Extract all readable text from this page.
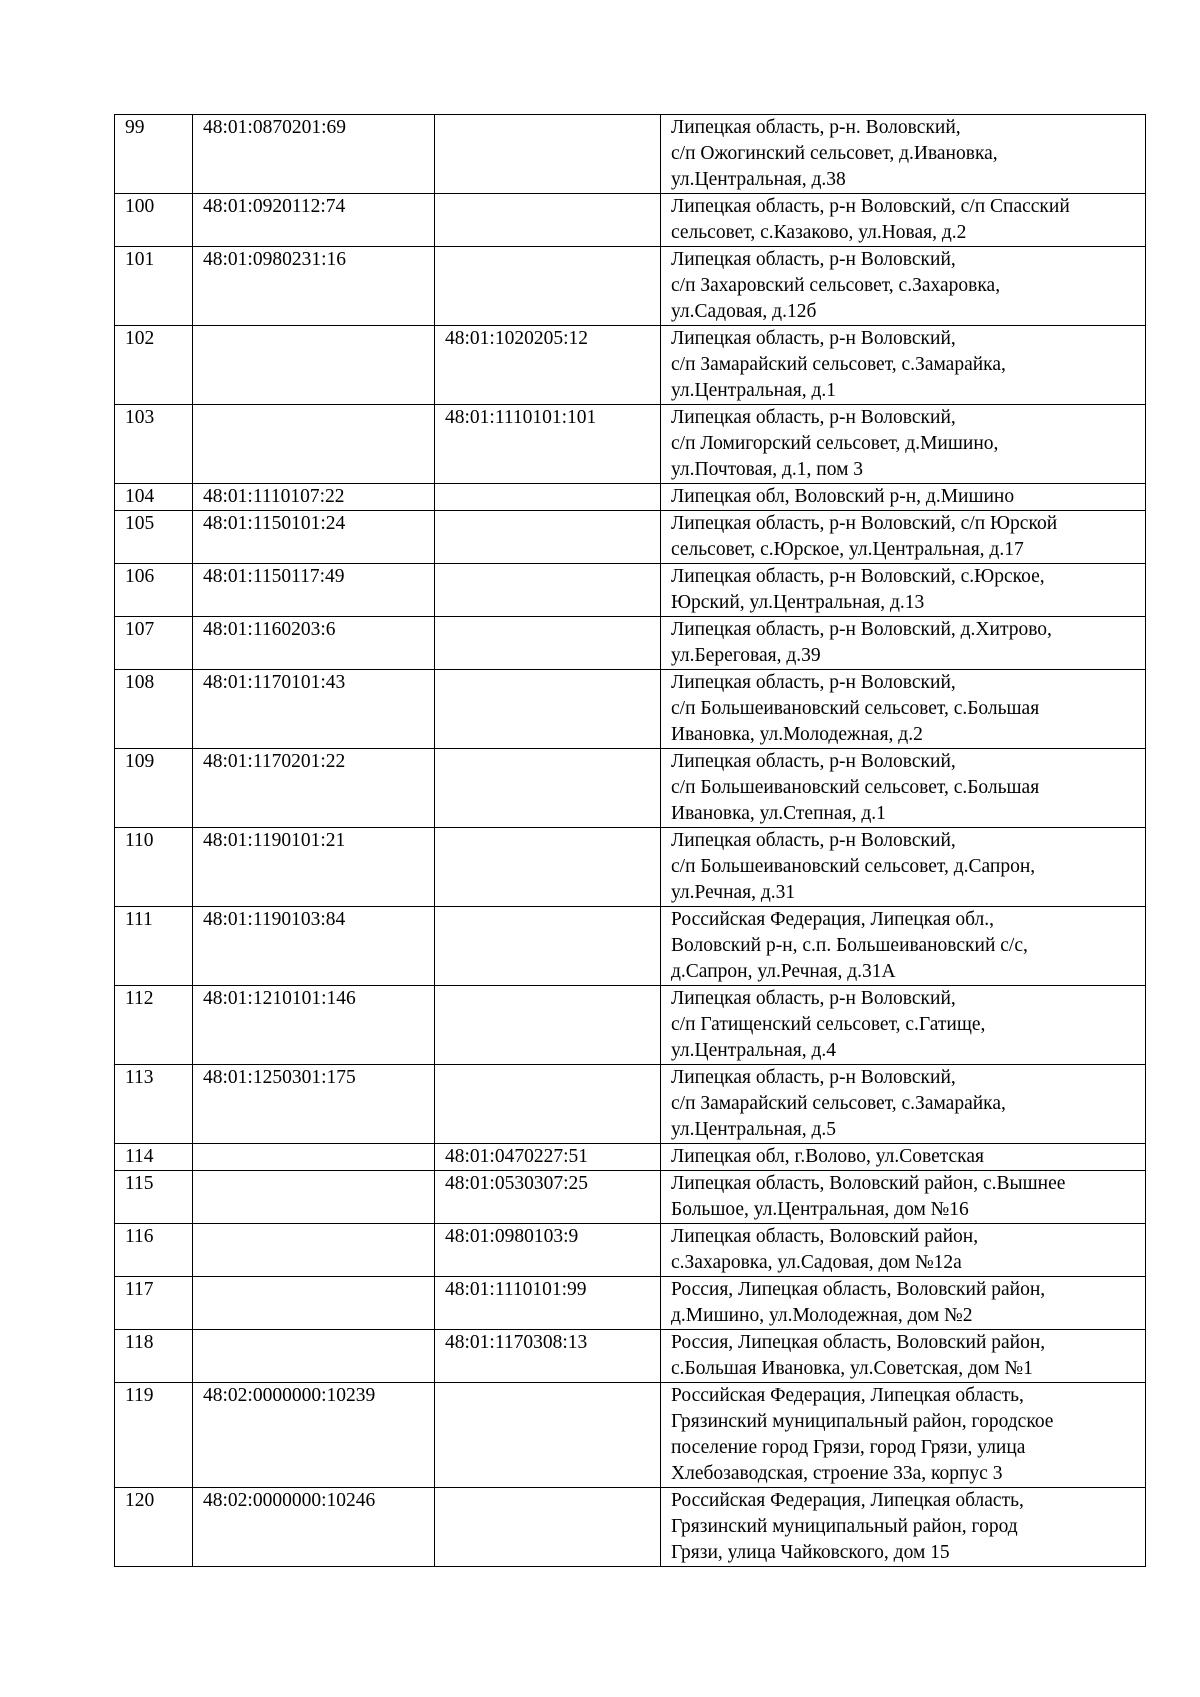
99	48:01:0870201:69		Липецкая область, р-н. Воловский,
с/п Ожогинский сельсовет, д.Ивановка,
ул.Центральная, д.38
100	48:01:0920112:74		Липецкая область, р-н Воловский, с/п Спасский
сельсовет, с.Казаково, ул.Новая, д.2
101	48:01:0980231:16		Липецкая область, р-н Воловский,
с/п Захаровский сельсовет, с.Захаровка,
ул.Садовая, д.12б
102		48:01:1020205:12	Липецкая область, р-н Воловский,
с/п Замарайский сельсовет, с.Замарайка,
ул.Центральная, д.1
103		48:01:1110101:101	Липецкая область, р-н Воловский,
с/п Ломигорский сельсовет, д.Мишино,
ул.Почтовая, д.1, пом 3
104	48:01:1110107:22		Липецкая обл, Воловский р-н, д.Мишино
105	48:01:1150101:24		Липецкая область, р-н Воловский, с/п Юрской
сельсовет, с.Юрское, ул.Центральная, д.17
106	48:01:1150117:49		Липецкая область, р-н Воловский, с.Юрское,
Юрский, ул.Центральная, д.13
107	48:01:1160203:6		Липецкая область, р-н Воловский, д.Хитрово,
ул.Береговая, д.39
108	48:01:1170101:43		Липецкая область, р-н Воловский,
с/п Большеивановский сельсовет, с.Большая
Ивановка, ул.Молодежная, д.2
109	48:01:1170201:22		Липецкая область, р-н Воловский,
с/п Большеивановский сельсовет, с.Большая
Ивановка, ул.Степная, д.1
110	48:01:1190101:21		Липецкая область, р-н Воловский,
с/п Большеивановский сельсовет, д.Сапрон,
ул.Речная, д.31
111	48:01:1190103:84		Российская Федерация, Липецкая обл.,
Воловский р-н, с.п. Большеивановский с/с,
д.Сапрон, ул.Речная, д.31А
112	48:01:1210101:146		Липецкая область, р-н Воловский,
с/п Гатищенский сельсовет, с.Гатище,
ул.Центральная, д.4
113	48:01:1250301:175		Липецкая область, р-н Воловский,
с/п Замарайский сельсовет, с.Замарайка,
ул.Центральная, д.5
114		48:01:0470227:51	Липецкая обл, г.Волово, ул.Советская
115		48:01:0530307:25	Липецкая область, Воловский район, с.Вышнее
Большое, ул.Центральная, дом №16
116		48:01:0980103:9	Липецкая область, Воловский район,
с.Захаровка, ул.Садовая, дом №12а
117		48:01:1110101:99	Россия, Липецкая область, Воловский район,
д.Мишино, ул.Молодежная, дом №2
118		48:01:1170308:13	Россия, Липецкая область, Воловский район,
с.Большая Ивановка, ул.Советская, дом №1
119	48:02:0000000:10239		Российская Федерация, Липецкая область,
Грязинский муниципальный район, городское
поселение город Грязи, город Грязи, улица
Хлебозаводская, строение 33а, корпус 3
120	48:02:0000000:10246		Российская Федерация, Липецкая область,
Грязинский муниципальный район, город
Грязи, улица Чайковского, дом 15
